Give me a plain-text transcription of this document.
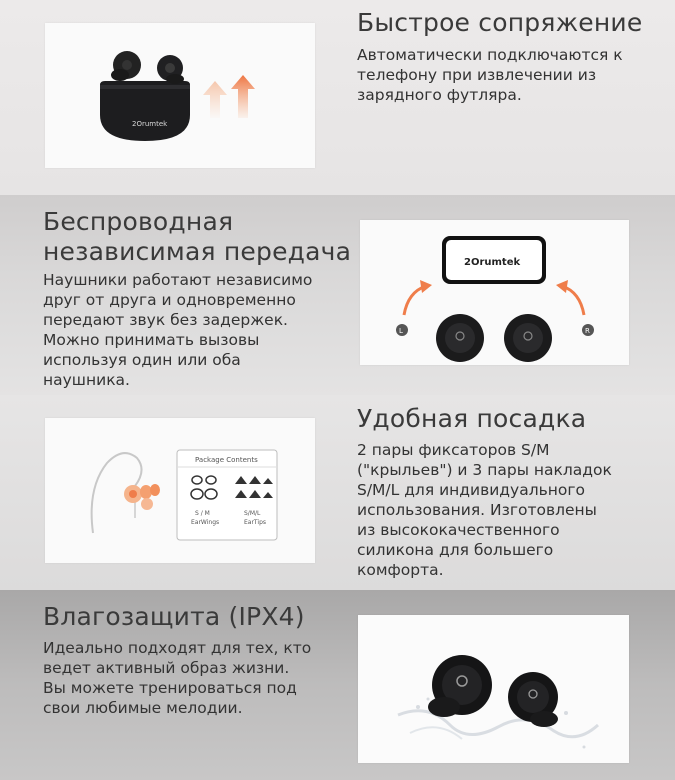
2Orumtek
Быстрое сопряжение
Автоматически подключаются к
телефону при извлечении из
зарядного футляра.
Беспроводная
независимая передача
Наушники работают независимо
друг от друга и одновременно
передают звук без задержек.
Можно принимать вызовы
используя один или оба
наушника.
2Orumtek
L	R
Package Contents
S / M
EarWings
S/M/L
EarTips
Удобная посадка
2 пары фиксаторов S/M
("крыльев") и 3 пары накладок
S/M/L для индивидуального
использования. Изготовлены
из высококачественного
силикона для большего
комфорта.
Влагозащита (IPX4)
Идеально подходят для тех, кто
ведет активный образ жизни.
Вы можете тренироваться под
свои любимые мелодии.
